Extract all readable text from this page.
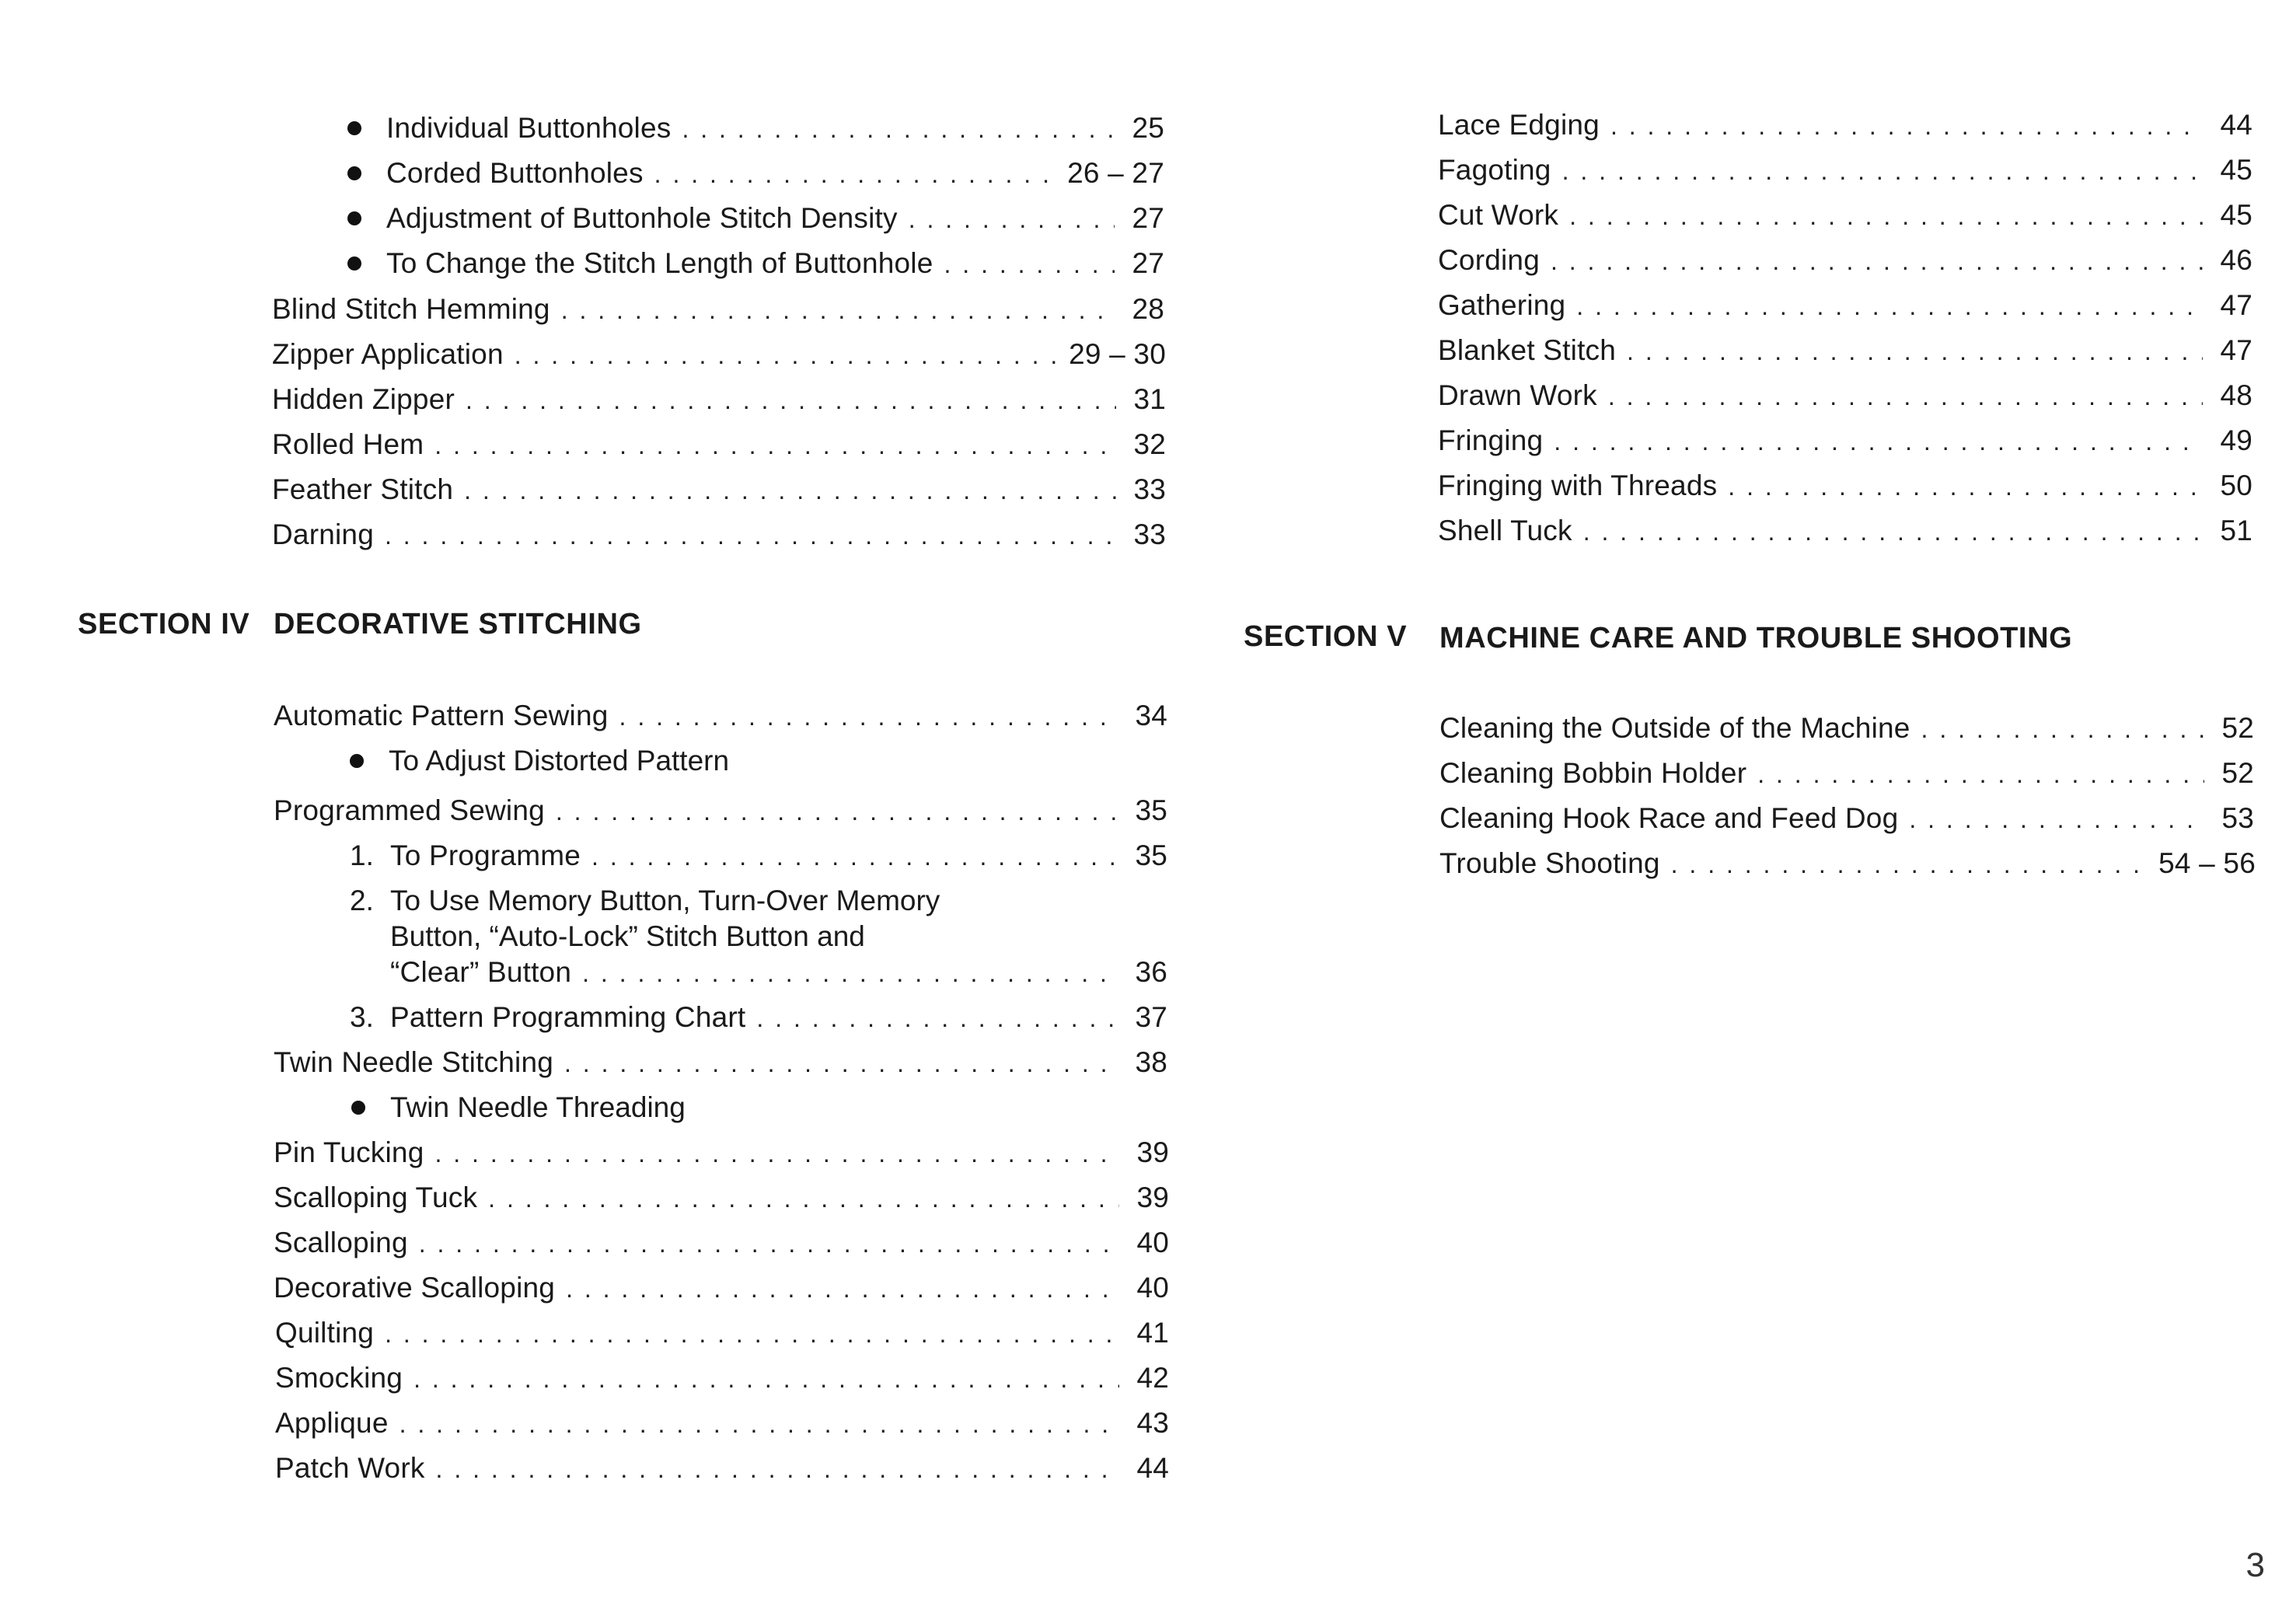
Individual Buttonholes . . .	25
Corded Buttonholes . . .	26 – 27
Adjustment of Buttonhole Stitch Density . . .	27
To Change the Stitch Length of Buttonhole . . .	27
Blind Stitch Hemming . . .	28
Zipper Application . . .	29 – 30
Hidden Zipper . . .	31
Rolled Hem . . .	32
Feather Stitch . . .	33
Darning . . .	33
SECTION IV DECORATIVE STITCHING
Automatic Pattern Sewing . . .	34
To Adjust Distorted Pattern
Programmed Sewing . . .	35
1. To Programme . . .	35
2. To Use Memory Button, Turn-Over Memory
Button, “Auto-Lock” Stitch Button and
“Clear” Button . . .	36
3. Pattern Programming Chart . . .	37
Twin Needle Stitching . . .	38
Twin Needle Threading
Pin Tucking . . .	39
Scalloping Tuck . . .	39
Scalloping . . .	40
Decorative Scalloping . . .	40
Quilting . . .	41
Smocking . . .	42
Applique . . .	43
Patch Work . . .	44
Lace Edging . . .	44
Fagoting . . .	45
Cut Work . . .	45
Cording . . .	46
Gathering . . .	47
Blanket Stitch . . .	47
Drawn Work . . .	48
Fringing . . .	49
Fringing with Threads . . .	50
Shell Tuck . . .	51
SECTION V MACHINE CARE AND TROUBLE SHOOTING
Cleaning the Outside of the Machine . . .	52
Cleaning Bobbin Holder . . .	52
Cleaning Hook Race and Feed Dog . . .	53
Trouble Shooting . . .	54 – 56
3
